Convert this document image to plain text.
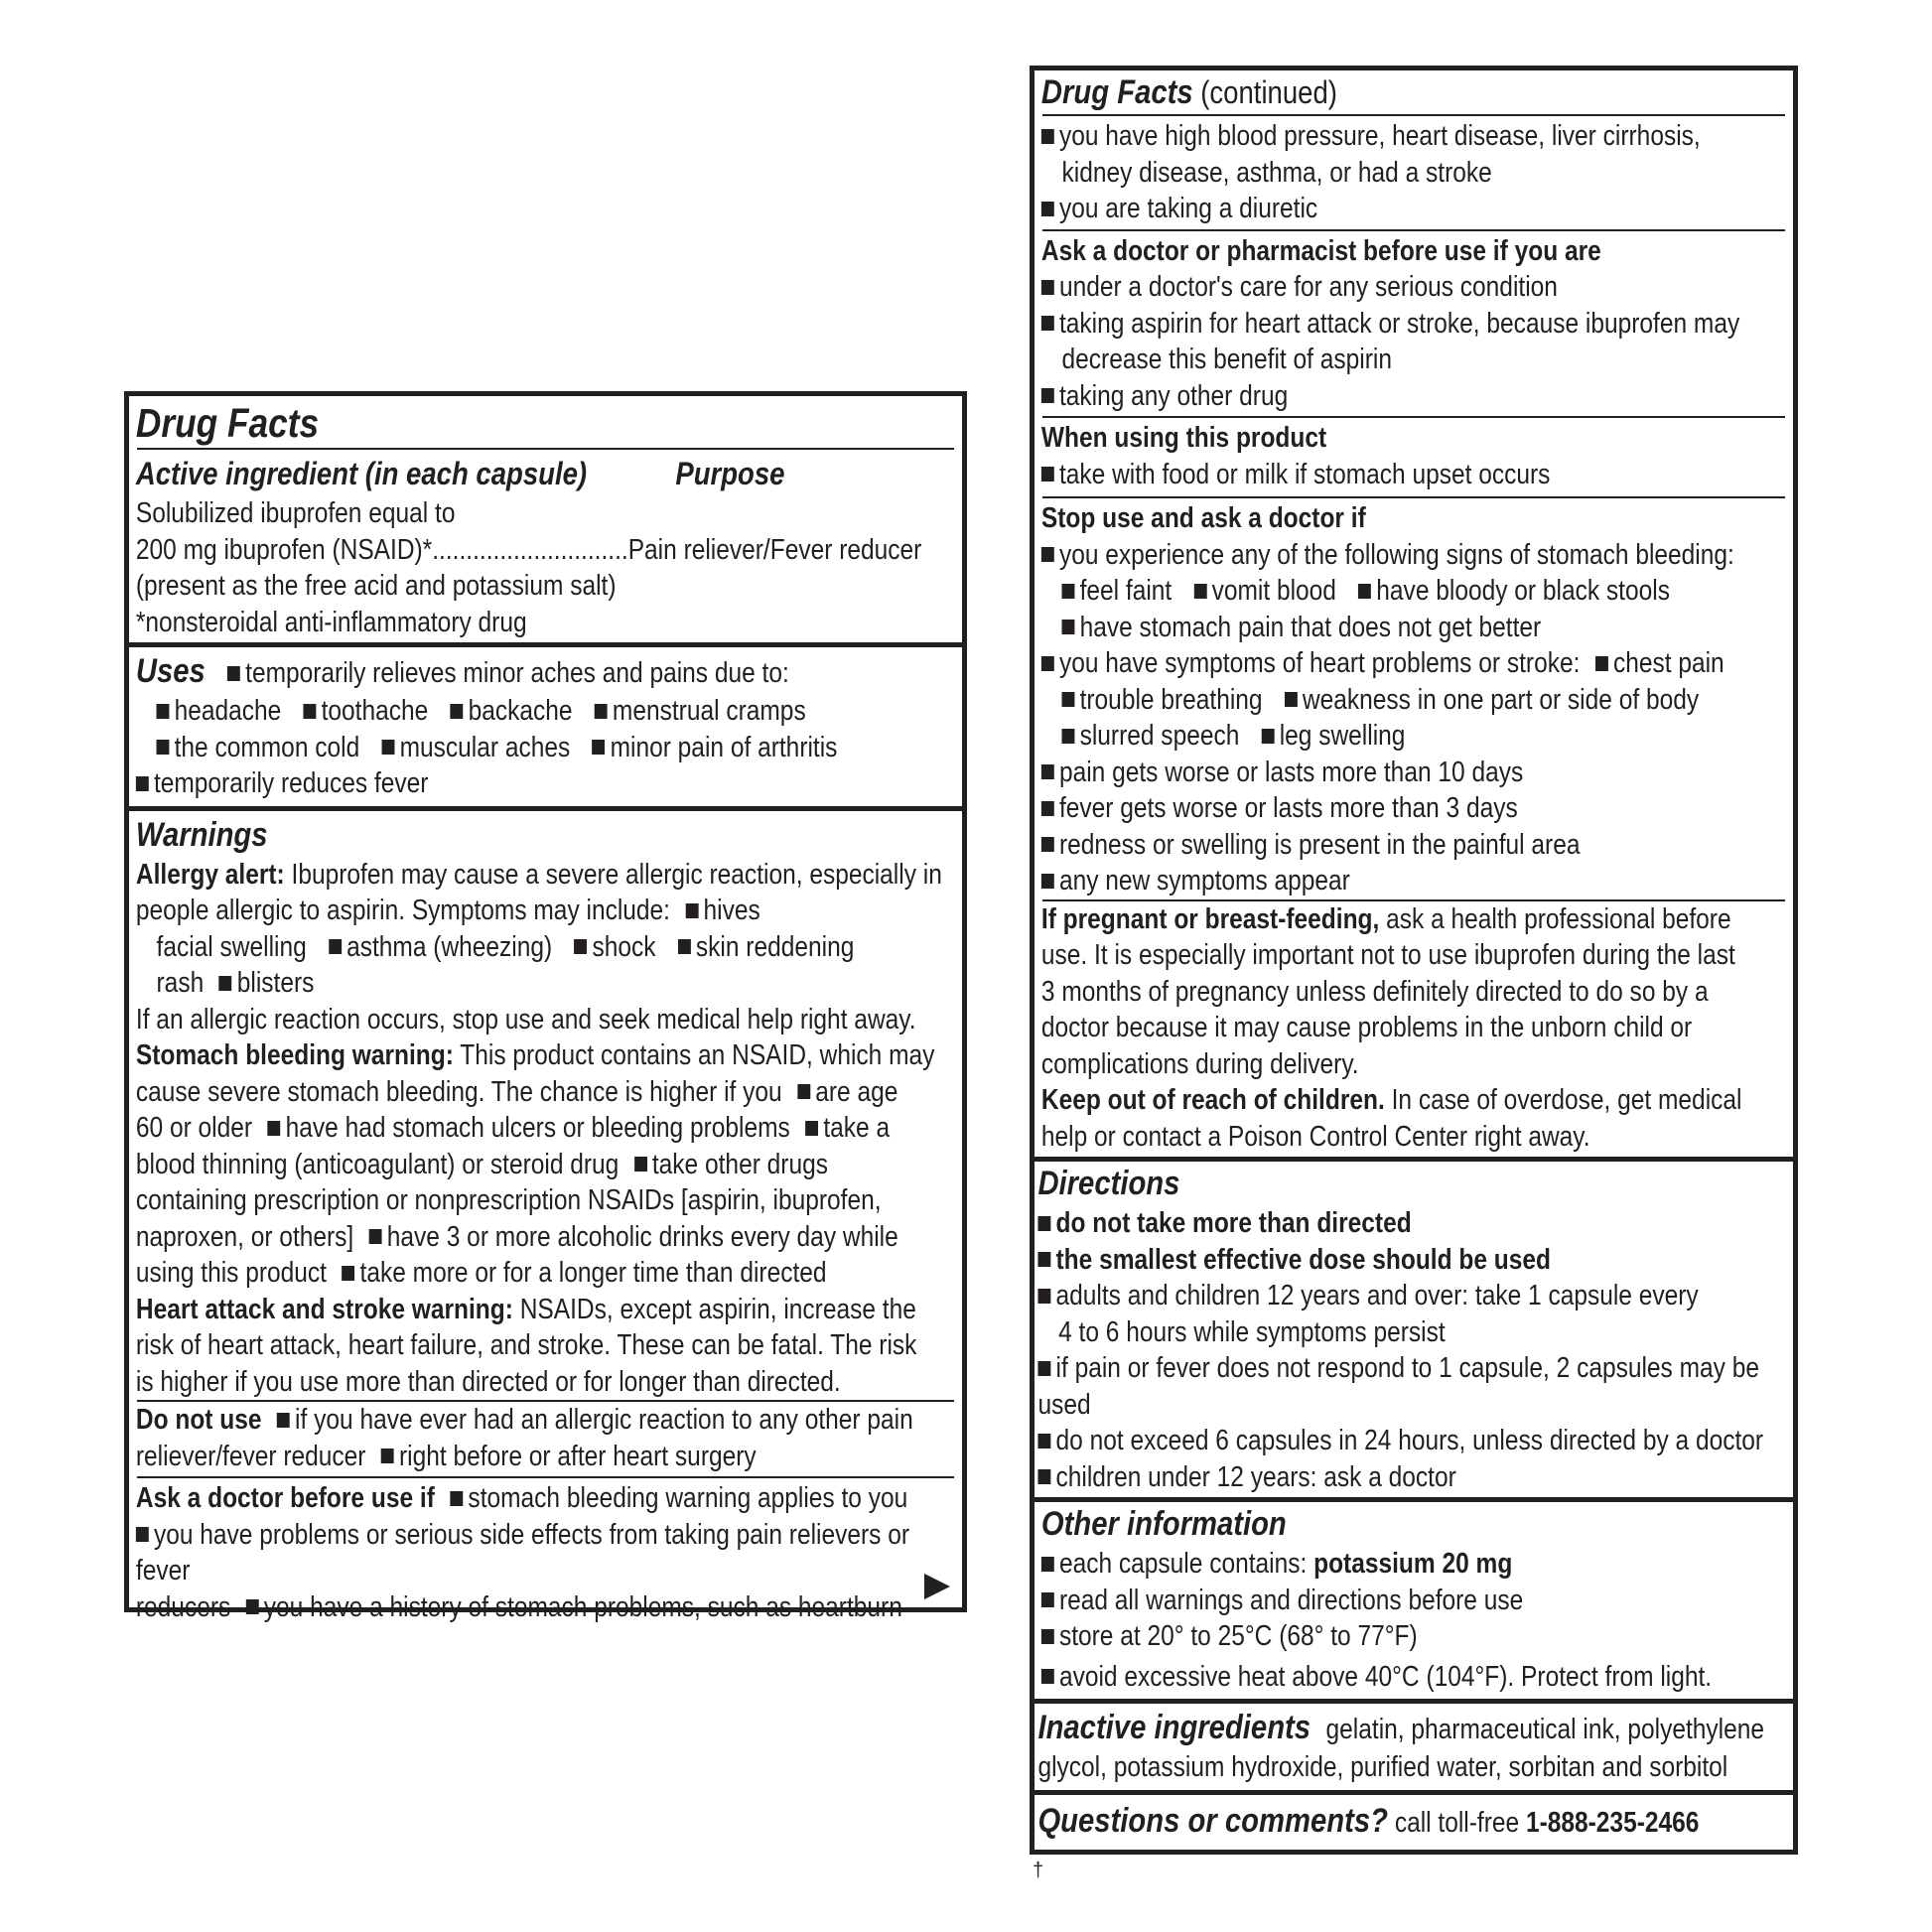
Drug Facts

Active ingredient (in each capsule)	Purpose

Solubilized ibuprofen equal to

200 mg ibuprofen (NSAID)*.............................Pain reliever/Fever reducer

(present as the free acid and potassium salt)

*nonsteroidal anti-inflammatory drug

Uses temporarily relieves minor aches and pains due to:

headache toothache backache menstrual cramps

the common cold muscular aches minor pain of arthritis

temporarily reduces fever

Warnings

Allergy alert: Ibuprofen may cause a severe allergic reaction, especially in

people allergic to aspirin. Symptoms may include: hives

facial swelling asthma (wheezing) shock skin reddening

rash blisters

If an allergic reaction occurs, stop use and seek medical help right away.

Stomach bleeding warning: This product contains an NSAID, which may

cause severe stomach bleeding. The chance is higher if you are age

60 or older have had stomach ulcers or bleeding problems take a

blood thinning (anticoagulant) or steroid drug take other drugs

containing prescription or nonprescription NSAIDs [aspirin, ibuprofen,

naproxen, or others] have 3 or more alcoholic drinks every day while

using this product take more or for a longer time than directed

Heart attack and stroke warning: NSAIDs, except aspirin, increase the

risk of heart attack, heart failure, and stroke. These can be fatal. The risk

is higher if you use more than directed or for longer than directed.

Do not use if you have ever had an allergic reaction to any other pain

reliever/fever reducer right before or after heart surgery

Ask a doctor before use if stomach bleeding warning applies to you

you have problems or serious side effects from taking pain relievers or fever

reducers you have a history of stomach problems, such as heartburn

Drug Facts (continued)

you have high blood pressure, heart disease, liver cirrhosis,

kidney disease, asthma, or had a stroke

you are taking a diuretic

Ask a doctor or pharmacist before use if you are

under a doctor's care for any serious condition

taking aspirin for heart attack or stroke, because ibuprofen may

decrease this benefit of aspirin

taking any other drug

When using this product

take with food or milk if stomach upset occurs

Stop use and ask a doctor if

you experience any of the following signs of stomach bleeding:

feel faint vomit blood have bloody or black stools

have stomach pain that does not get better

you have symptoms of heart problems or stroke: chest pain

trouble breathing weakness in one part or side of body

slurred speech leg swelling

pain gets worse or lasts more than 10 days

fever gets worse or lasts more than 3 days

redness or swelling is present in the painful area

any new symptoms appear

If pregnant or breast-feeding, ask a health professional before

use. It is especially important not to use ibuprofen during the last

3 months of pregnancy unless definitely directed to do so by a

doctor because it may cause problems in the unborn child or

complications during delivery.

Keep out of reach of children. In case of overdose, get medical

help or contact a Poison Control Center right away.

Directions

do not take more than directed

the smallest effective dose should be used

adults and children 12 years and over: take 1 capsule every

4 to 6 hours while symptoms persist

if pain or fever does not respond to 1 capsule, 2 capsules may be used

do not exceed 6 capsules in 24 hours, unless directed by a doctor

children under 12 years: ask a doctor

Other information

each capsule contains: potassium 20 mg

read all warnings and directions before use

store at 20° to 25°C (68° to 77°F)

avoid excessive heat above 40°C (104°F). Protect from light.

Inactive ingredients gelatin, pharmaceutical ink, polyethylene

glycol, potassium hydroxide, purified water, sorbitan and sorbitol

Questions or comments? call toll-free 1-888-235-2466

†
